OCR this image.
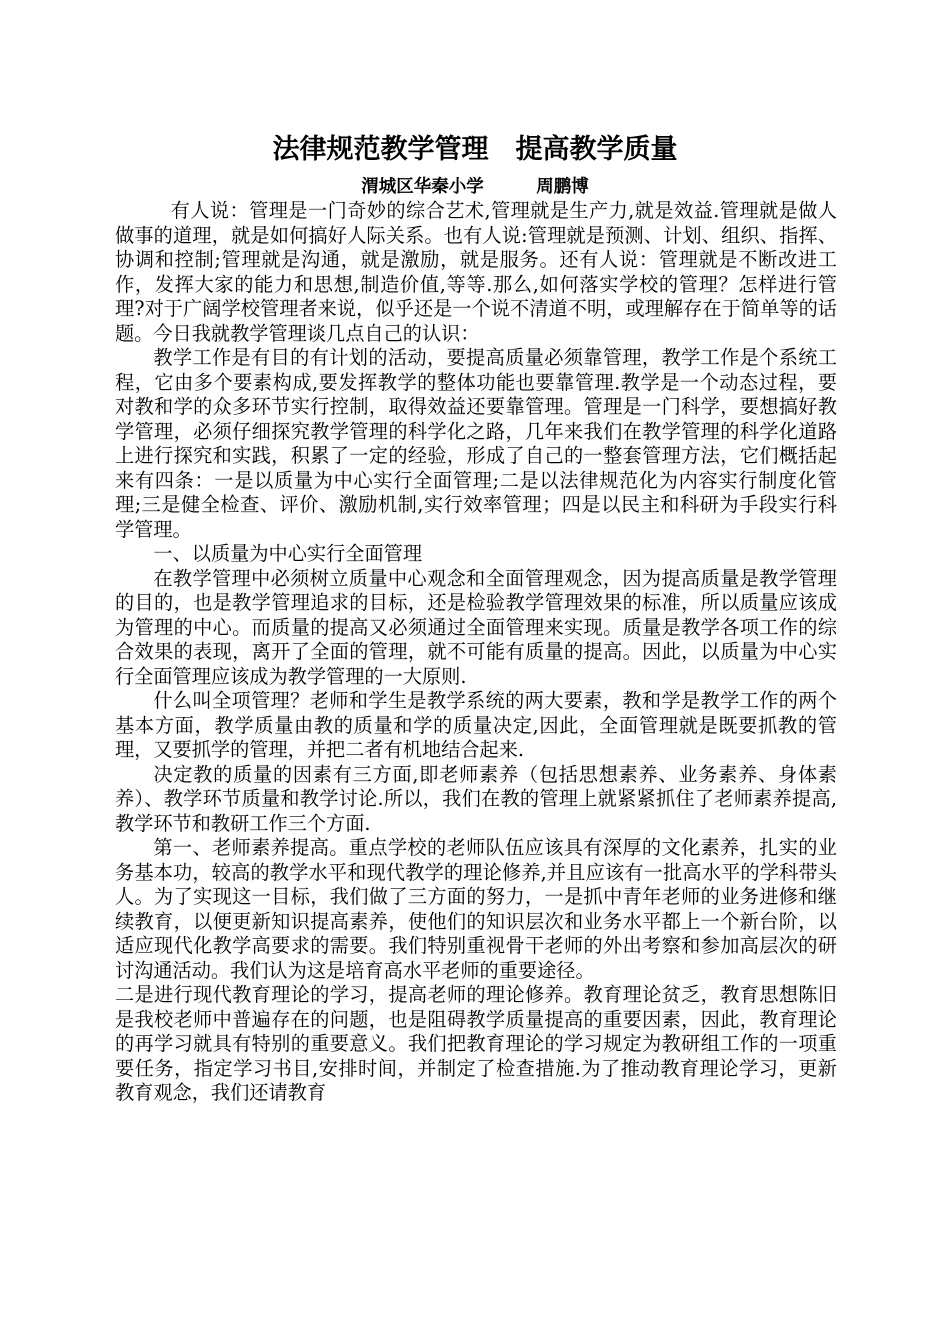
法律规范教学管理　提高教学质量
渭城区华秦小学　　　周鹏博

有人说：管理是一门奇妙的综合艺术,管理就是生产力,就是效益.管理就是做人做事的道理，就是如何搞好人际关系。也有人说:管理就是预测、计划、组织、指挥、协调和控制;管理就是沟通，就是激励，就是服务。还有人说：管理就是不断改进工作，发挥大家的能力和思想,制造价值,等等.那么,如何落实学校的管理？怎样进行管理?对于广阔学校管理者来说，似乎还是一个说不清道不明，或理解存在于简单等的话题。今日我就教学管理谈几点自己的认识：

教学工作是有目的有计划的活动，要提高质量必须靠管理，教学工作是个系统工程，它由多个要素构成,要发挥教学的整体功能也要靠管理.教学是一个动态过程，要对教和学的众多环节实行控制，取得效益还要靠管理。管理是一门科学，要想搞好教学管理，必须仔细探究教学管理的科学化之路，几年来我们在教学管理的科学化道路上进行探究和实践，积累了一定的经验，形成了自己的一整套管理方法，它们概括起来有四条：一是以质量为中心实行全面管理;二是以法律规范化为内容实行制度化管理;三是健全检查、评价、激励机制,实行效率管理；四是以民主和科研为手段实行科学管理。

一、以质量为中心实行全面管理

在教学管理中必须树立质量中心观念和全面管理观念，因为提高质量是教学管理的目的，也是教学管理追求的目标，还是检验教学管理效果的标准，所以质量应该成为管理的中心。而质量的提高又必须通过全面管理来实现。质量是教学各项工作的综合效果的表现，离开了全面的管理，就不可能有质量的提高。因此，以质量为中心实行全面管理应该成为教学管理的一大原则.

什么叫全项管理？老师和学生是教学系统的两大要素，教和学是教学工作的两个基本方面，教学质量由教的质量和学的质量决定,因此，全面管理就是既要抓教的管理，又要抓学的管理，并把二者有机地结合起来.

决定教的质量的因素有三方面,即老师素养（包括思想素养、业务素养、身体素养）、教学环节质量和教学讨论.所以，我们在教的管理上就紧紧抓住了老师素养提高,教学环节和教研工作三个方面.

第一、老师素养提高。重点学校的老师队伍应该具有深厚的文化素养，扎实的业务基本功，较高的教学水平和现代教学的理论修养,并且应该有一批高水平的学科带头人。为了实现这一目标，我们做了三方面的努力，一是抓中青年老师的业务进修和继续教育，以便更新知识提高素养，使他们的知识层次和业务水平都上一个新台阶，以适应现代化教学高要求的需要。我们特别重视骨干老师的外出考察和参加高层次的研讨沟通活动。我们认为这是培育高水平老师的重要途径。

二是进行现代教育理论的学习，提高老师的理论修养。教育理论贫乏，教育思想陈旧是我校老师中普遍存在的问题，也是阻碍教学质量提高的重要因素，因此，教育理论的再学习就具有特别的重要意义。我们把教育理论的学习规定为教研组工作的一项重要任务，指定学习书目,安排时间，并制定了检查措施.为了推动教育理论学习，更新教育观念，我们还请教育
